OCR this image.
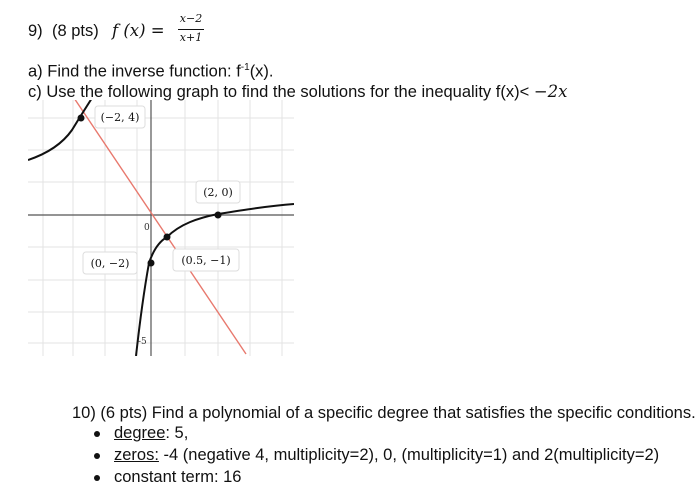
9) (8 pts) f (x) =
x−2
x+1
a) Find the inverse function: $f^{-1}(x)$.
c) Use the following graph to find the solutions for the inequality f(x)< −2x
(−2, 4)
(2, 0)
(0, −2)	(0.5, −1)
0
-5
10) (6 pts) Find a polynomial of a specific degree that satisfies the specific conditions.
degree: 5,
zeros: -4 (negative 4, multiplicity=2), 0, (multiplicity=1) and 2(multiplicity=2)
constant term: 16
